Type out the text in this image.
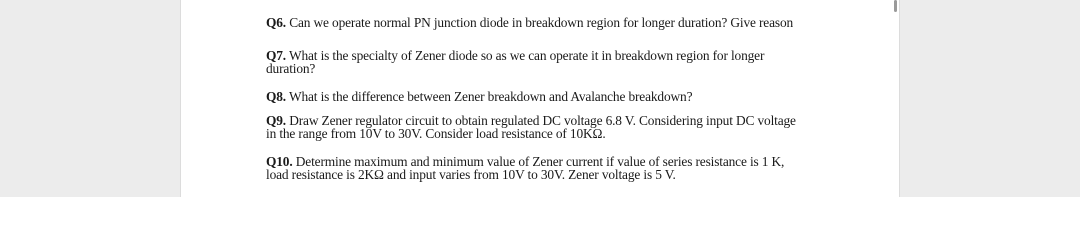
Q6. Can we operate normal PN junction diode in breakdown region for longer duration? Give reason

Q7. What is the specialty of Zener diode so as we can operate it in breakdown region for longer
duration?

Q8. What is the difference between Zener breakdown and Avalanche breakdown?

Q9. Draw Zener regulator circuit to obtain regulated DC voltage 6.8 V. Considering input DC voltage
in the range from 10V to 30V. Consider load resistance of 10KΩ.

Q10. Determine maximum and minimum value of Zener current if value of series resistance is 1 K,
load resistance is 2KΩ and input varies from 10V to 30V. Zener voltage is 5 V.
